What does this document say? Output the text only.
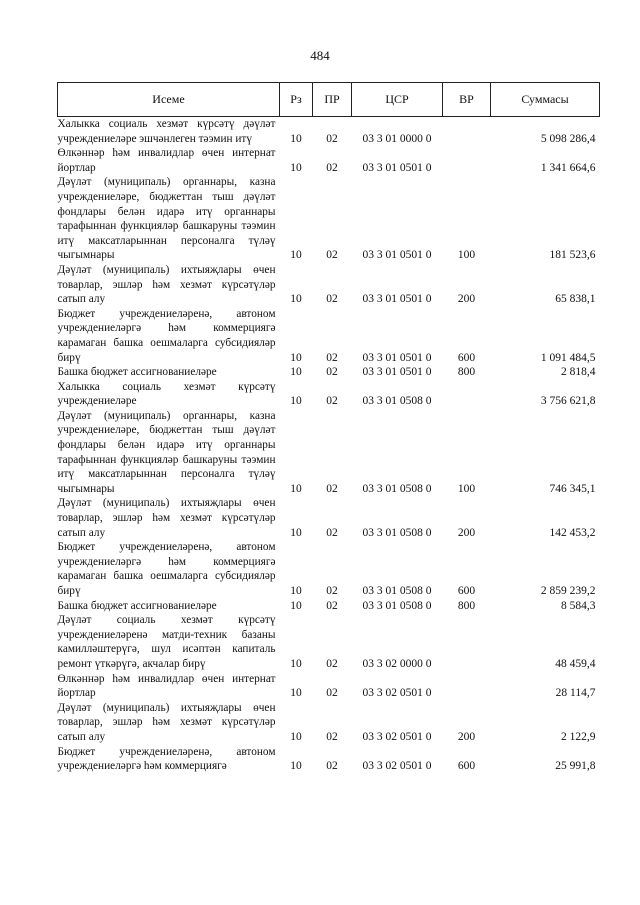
484
Исеме	Рз	ПР	ЦСР	ВР	Суммасы
Халыкка социаль хезмәт күрсәтү дәүләт учреждениеләре эшчәнлеген тәэмин итү	10	02	03 3 01 0000 0		5 098 286,4
Өлкәннәр һәм инвалидлар өчен интернат йортлар	10	02	03 3 01 0501 0		1 341 664,6
Дәүләт (муниципаль) органнары, казна учреждениеләре, бюджеттан тыш дәүләт фондлары белән идарә итү органнары тарафыннан функцияләр башкаруны тәэмин итү максатларыннан персоналга түләү чыгымнары	10	02	03 3 01 0501 0	100	181 523,6
Дәүләт (муниципаль) ихтыяҗлары өчен товарлар, эшләр һәм хезмәт күрсәтүләр сатып алу	10	02	03 3 01 0501 0	200	65 838,1
Бюджет учреждениеләренә, автоном учреждениеләргә һәм коммерциягә карамаган башка оешмаларга субсидияләр бирү	10	02	03 3 01 0501 0	600	1 091 484,5
Башка бюджет ассигнованиеләре	10	02	03 3 01 0501 0	800	2 818,4
Халыкка социаль хезмәт күрсәтү учреждениеләре	10	02	03 3 01 0508 0		3 756 621,8
Дәүләт (муниципаль) органнары, казна учреждениеләре, бюджеттан тыш дәүләт фондлары белән идарә итү органнары тарафыннан функцияләр башкаруны тәэмин итү максатларыннан персоналга түләү чыгымнары	10	02	03 3 01 0508 0	100	746 345,1
Дәүләт (муниципаль) ихтыяҗлары өчен товарлар, эшләр һәм хезмәт күрсәтүләр сатып алу	10	02	03 3 01 0508 0	200	142 453,2
Бюджет учреждениеләренә, автоном учреждениеләргә һәм коммерциягә карамаган башка оешмаларга субсидияләр бирү	10	02	03 3 01 0508 0	600	2 859 239,2
Башка бюджет ассигнованиеләре	10	02	03 3 01 0508 0	800	8 584,3
Дәүләт социаль хезмәт күрсәтү учреждениеләренә матди-техник базаны камилләштерүгә, шул исәптән капиталь ремонт үткәрүгә, акчалар бирү	10	02	03 3 02 0000 0		48 459,4
Өлкәннәр һәм инвалидлар өчен интернат йортлар	10	02	03 3 02 0501 0		28 114,7
Дәүләт (муниципаль) ихтыяҗлары өчен товарлар, эшләр һәм хезмәт күрсәтүләр сатып алу	10	02	03 3 02 0501 0	200	2 122,9
Бюджет учреждениеләренә, автоном учреждениеләргә һәм коммерциягә	10	02	03 3 02 0501 0	600	25 991,8
